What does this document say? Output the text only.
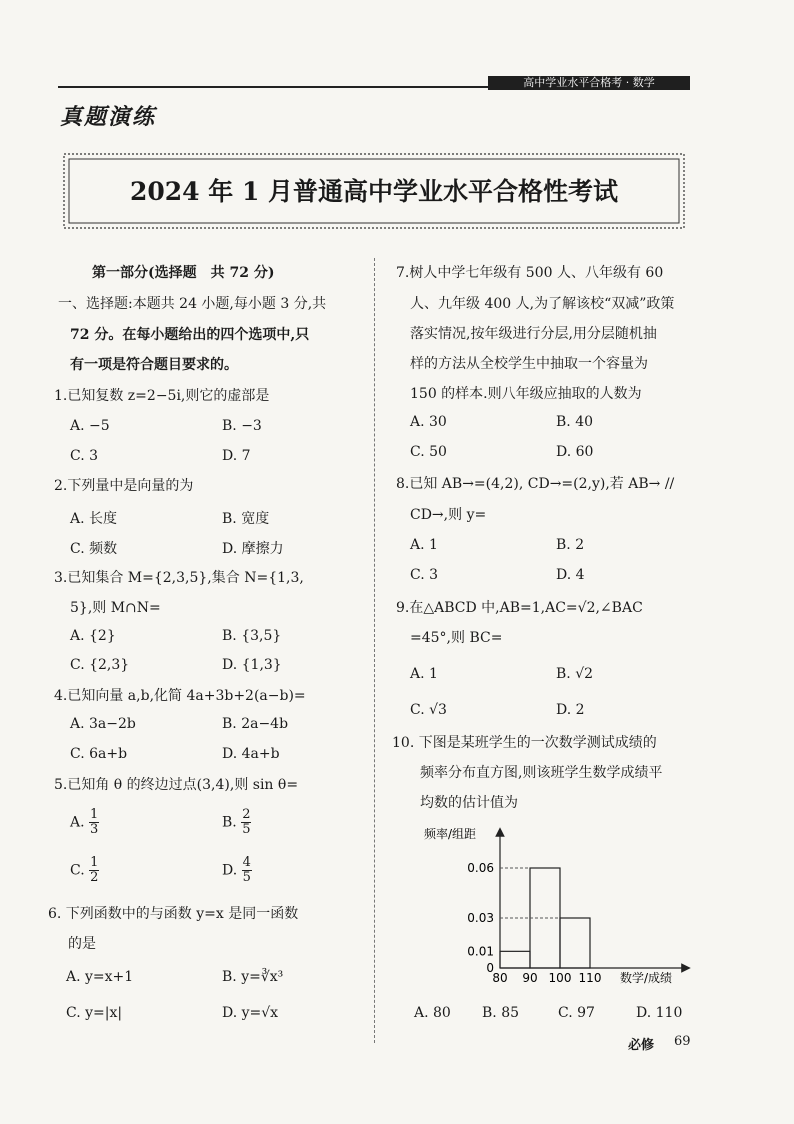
高中学业水平合格考 · 数学
真题演练
2024 年 1 月普通高中学业水平合格性考试
第一部分(选择题　共 72 分)
一、选择题:本题共 24 小题,每小题 3 分,共
72 分。在每小题给出的四个选项中,只
有一项是符合题目要求的。
1.已知复数 z=2−5i,则它的虚部是
A. −5	B. −3
C. 3	D. 7
2.下列量中是向量的为
A. 长度	B. 宽度
C. 频数	D. 摩擦力
3.已知集合 M={2,3,5},集合 N={1,3,
5},则 M∩N=
A. {2}	B. {3,5}
C. {2,3}	D. {1,3}
4.已知向量 a,b,化简 4a+3b+2(a−b)=
A. 3a−2b	B. 2a−4b
C. 6a+b	D. 4a+b
5.已知角 θ 的终边过点(3,4),则 sin θ=
A. $\frac{1}{3}$	B. $\frac{2}{5}$
C. $\frac{1}{2}$	D. $\frac{4}{5}$
6. 下列函数中的与函数 y=x 是同一函数
的是
A. y=x+1	B. y=∛x³
C. y=|x|	D. y=√x
7.树人中学七年级有 500 人、八年级有 60
人、九年级 400 人,为了解该校“双减”政策
落实情况,按年级进行分层,用分层随机抽
样的方法从全校学生中抽取一个容量为
150 的样本.则八年级应抽取的人数为
A. 30	B. 40
C. 50	D. 60
8.已知 AB→=(4,2), CD→=(2,y),若 AB→ //
CD→,则 y=
A. 1	B. 2
C. 3	D. 4
9.在△ABCD 中,AB=1,AC=√2,∠BAC
=45°,则 BC=
A. 1	B. √2
C. √3	D. 2
10. 下图是某班学生的一次数学测试成绩的
频率分布直方图,则该班学生数学成绩平
均数的估计值为
频率/组距
数学/成绩
0
0.01
0.03
0.06
80 90 100 110
A. 80 B. 85	C. 97	D. 110
必修 69
